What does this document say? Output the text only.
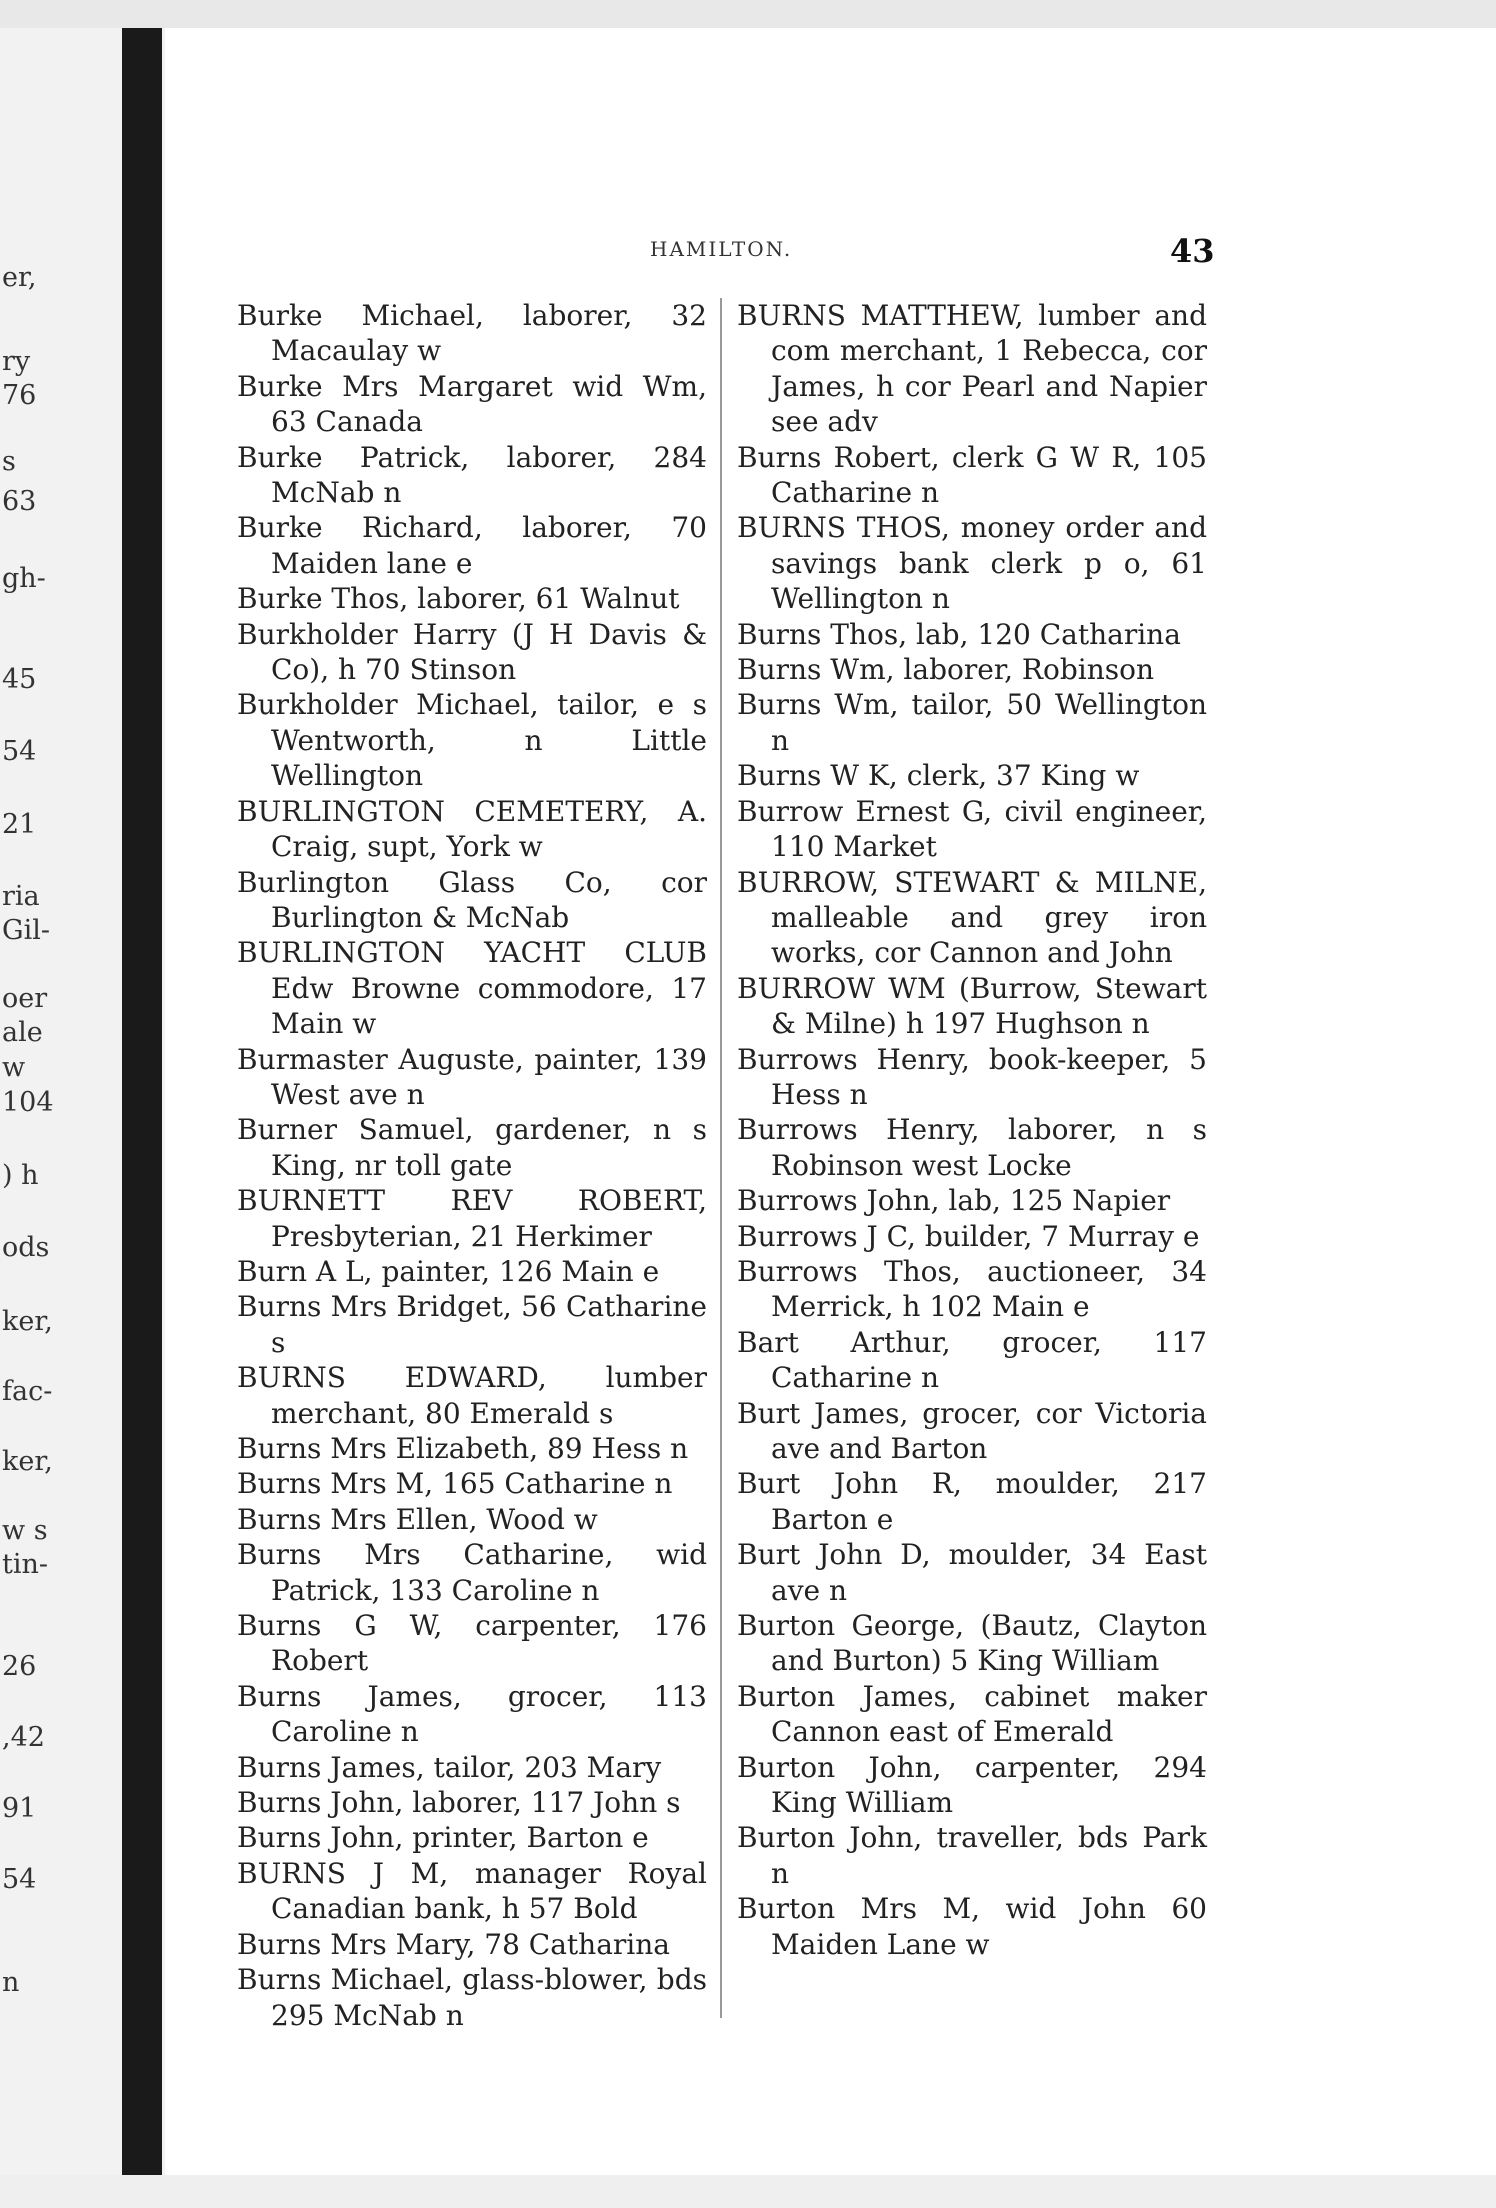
er,
ry
76
s
63
gh-
45
54
21
ria
Gil-
oer
ale
w
104
) h
ods
ker,
fac-
ker,
w s
tin-
26
,42
91
54
n
HAMILTON.	43

Burke Michael, laborer, 32 Macaulay w

Burke Mrs Margaret wid Wm, 63 Canada

Burke Patrick, laborer, 284 McNab n

Burke Richard, laborer, 70 Maiden lane e

Burke Thos, laborer, 61 Walnut

Burkholder Harry (J H Davis & Co), h 70 Stinson

Burkholder Michael, tailor, e s Wentworth, n Little Wellington

BURLINGTON CEMETERY, A. Craig, supt, York w

Burlington Glass Co, cor Burlington & McNab

BURLINGTON YACHT CLUB Edw Browne commodore, 17 Main w

Burmaster Auguste, painter, 139 West ave n

Burner Samuel, gardener, n s King, nr toll gate

BURNETT REV ROBERT, Presbyterian, 21 Herkimer

Burn A L, painter, 126 Main e

Burns Mrs Bridget, 56 Catharine s

BURNS EDWARD, lumber merchant, 80 Emerald s

Burns Mrs Elizabeth, 89 Hess n

Burns Mrs M, 165 Catharine n

Burns Mrs Ellen, Wood w

Burns Mrs Catharine, wid Patrick, 133 Caroline n

Burns G W, carpenter, 176 Robert

Burns James, grocer, 113 Caroline n

Burns James, tailor, 203 Mary

Burns John, laborer, 117 John s

Burns John, printer, Barton e

BURNS J M, manager Royal Canadian bank, h 57 Bold

Burns Mrs Mary, 78 Catharina

Burns Michael, glass-blower, bds 295 McNab n

BURNS MATTHEW, lumber and com merchant, 1 Rebecca, cor James, h cor Pearl and Napier see adv

Burns Robert, clerk G W R, 105 Catharine n

BURNS THOS, money order and savings bank clerk p o, 61 Wellington n

Burns Thos, lab, 120 Catharina

Burns Wm, laborer, Robinson

Burns Wm, tailor, 50 Wellington n

Burns W K, clerk, 37 King w

Burrow Ernest G, civil engineer, 110 Market

BURROW, STEWART & MILNE, malleable and grey iron works, cor Cannon and John

BURROW WM (Burrow, Stewart & Milne) h 197 Hughson n

Burrows Henry, book-keeper, 5 Hess n

Burrows Henry, laborer, n s Robinson west Locke

Burrows John, lab, 125 Napier

Burrows J C, builder, 7 Murray e

Burrows Thos, auctioneer, 34 Merrick, h 102 Main e

Bart Arthur, grocer, 117 Catharine n

Burt James, grocer, cor Victoria ave and Barton

Burt John R, moulder, 217 Barton e

Burt John D, moulder, 34 East ave n

Burton George, (Bautz, Clayton and Burton) 5 King William

Burton James, cabinet maker Cannon east of Emerald

Burton John, carpenter, 294 King William

Burton John, traveller, bds Park n

Burton Mrs M, wid John 60 Maiden Lane w
